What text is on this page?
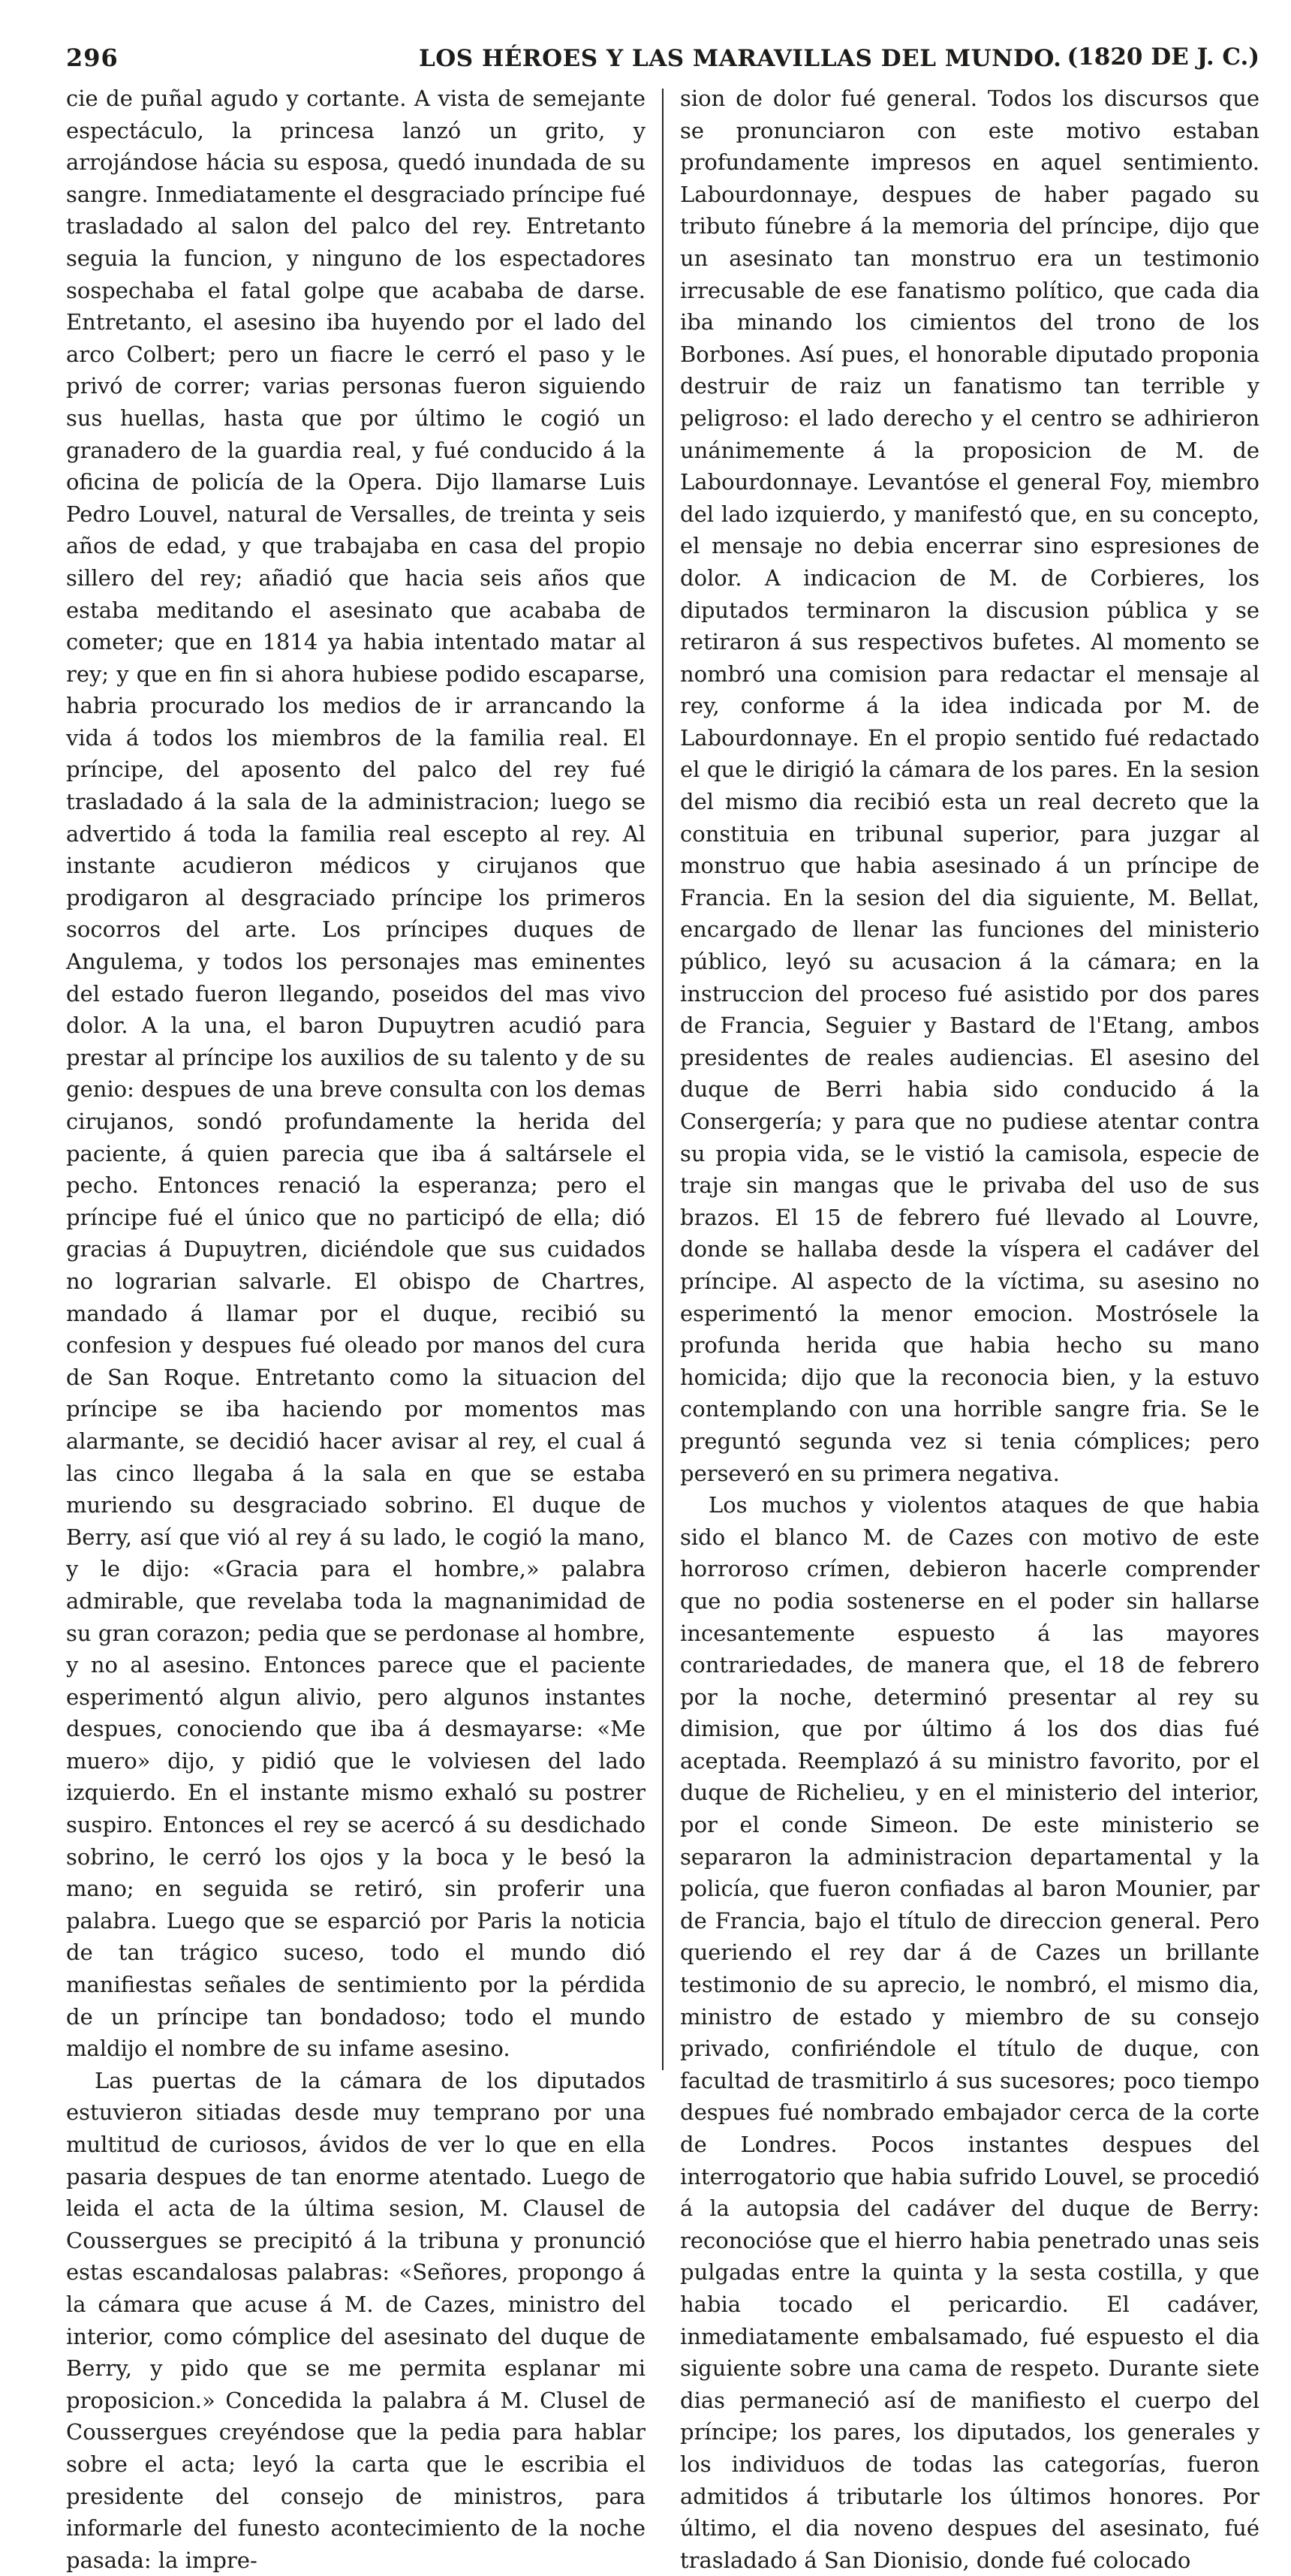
296	LOS HÉROES Y LAS MARAVILLAS DEL MUNDO. (1820 DE J. C.)

cie de puñal agudo y cortante. A vista de semejante espectáculo, la princesa lanzó un grito, y arrojándose hácia su esposa, quedó inundada de su sangre. Inmediatamente el desgraciado príncipe fué trasladado al salon del palco del rey. Entretanto seguia la funcion, y ninguno de los espectadores sospechaba el fatal golpe que acababa de darse. Entretanto, el asesino iba huyendo por el lado del arco Colbert; pero un fiacre le cerró el paso y le privó de correr; varias personas fueron siguiendo sus huellas, hasta que por último le cogió un granadero de la guardia real, y fué conducido á la oficina de policía de la Opera. Dijo llamarse Luis Pedro Louvel, natural de Versalles, de treinta y seis años de edad, y que trabajaba en casa del propio sillero del rey; añadió que hacia seis años que estaba meditando el asesinato que acababa de cometer; que en 1814 ya habia intentado matar al rey; y que en fin si ahora hubiese podido escaparse, habria procurado los medios de ir arrancando la vida á todos los miembros de la familia real. El príncipe, del aposento del palco del rey fué trasladado á la sala de la administracion; luego se advertido á toda la familia real escepto al rey. Al instante acudieron médicos y cirujanos que prodigaron al desgraciado príncipe los primeros socorros del arte. Los príncipes duques de Angulema, y todos los personajes mas eminentes del estado fueron llegando, poseidos del mas vivo dolor. A la una, el baron Dupuytren acudió para prestar al príncipe los auxilios de su talento y de su genio: despues de una breve consulta con los demas cirujanos, sondó profundamente la herida del paciente, á quien parecia que iba á saltársele el pecho. Entonces renació la esperanza; pero el príncipe fué el único que no participó de ella; dió gracias á Dupuytren, diciéndole que sus cuidados no lograrian salvarle. El obispo de Chartres, mandado á llamar por el duque, recibió su confesion y despues fué oleado por manos del cura de San Roque. Entretanto como la situacion del príncipe se iba haciendo por momentos mas alarmante, se decidió hacer avisar al rey, el cual á las cinco llegaba á la sala en que se estaba muriendo su desgraciado sobrino. El duque de Berry, así que vió al rey á su lado, le cogió la mano, y le dijo: «Gracia para el hombre,» palabra admirable, que revelaba toda la magnanimidad de su gran corazon; pedia que se perdonase al hombre, y no al asesino. Entonces parece que el paciente esperimentó algun alivio, pero algunos instantes despues, conociendo que iba á desmayarse: «Me muero» dijo, y pidió que le volviesen del lado izquierdo. En el instante mismo exhaló su postrer suspiro. Entonces el rey se acercó á su desdichado sobrino, le cerró los ojos y la boca y le besó la mano; en seguida se retiró, sin proferir una palabra. Luego que se esparció por Paris la noticia de tan trágico suceso, todo el mundo dió manifiestas señales de sentimiento por la pérdida de un príncipe tan bondadoso; todo el mundo maldijo el nombre de su infame asesino.

Las puertas de la cámara de los diputados estuvieron sitiadas desde muy temprano por una multitud de curiosos, ávidos de ver lo que en ella pasaria despues de tan enorme atentado. Luego de leida el acta de la última sesion, M. Clausel de Coussergues se precipitó á la tribuna y pronunció estas escandalosas palabras: «Señores, propongo á la cámara que acuse á M. de Cazes, ministro del interior, como cómplice del asesinato del duque de Berry, y pido que se me permita esplanar mi proposicion.» Concedida la palabra á M. Clusel de Coussergues creyéndose que la pedia para hablar sobre el acta; leyó la carta que le escribia el presidente del consejo de ministros, para informarle del funesto acontecimiento de la noche pasada: la impre-

sion de dolor fué general. Todos los discursos que se pronunciaron con este motivo estaban profundamente impresos en aquel sentimiento. Labourdonnaye, despues de haber pagado su tributo fúnebre á la memoria del príncipe, dijo que un asesinato tan monstruo era un testimonio irrecusable de ese fanatismo político, que cada dia iba minando los cimientos del trono de los Borbones. Así pues, el honorable diputado proponia destruir de raiz un fanatismo tan terrible y peligroso: el lado derecho y el centro se adhirieron unánimemente á la proposicion de M. de Labourdonnaye. Levantóse el general Foy, miembro del lado izquierdo, y manifestó que, en su concepto, el mensaje no debia encerrar sino espresiones de dolor. A indicacion de M. de Corbieres, los diputados terminaron la discusion pública y se retiraron á sus respectivos bufetes. Al momento se nombró una comision para redactar el mensaje al rey, conforme á la idea indicada por M. de Labourdonnaye. En el propio sentido fué redactado el que le dirigió la cámara de los pares. En la sesion del mismo dia recibió esta un real decreto que la constituia en tribunal superior, para juzgar al monstruo que habia asesinado á un príncipe de Francia. En la sesion del dia siguiente, M. Bellat, encargado de llenar las funciones del ministerio público, leyó su acusacion á la cámara; en la instruccion del proceso fué asistido por dos pares de Francia, Seguier y Bastard de l'Etang, ambos presidentes de reales audiencias. El asesino del duque de Berri habia sido conducido á la Consergería; y para que no pudiese atentar contra su propia vida, se le vistió la camisola, especie de traje sin mangas que le privaba del uso de sus brazos. El 15 de febrero fué llevado al Louvre, donde se hallaba desde la víspera el cadáver del príncipe. Al aspecto de la víctima, su asesino no esperimentó la menor emocion. Mostrósele la profunda herida que habia hecho su mano homicida; dijo que la reconocia bien, y la estuvo contemplando con una horrible sangre fria. Se le preguntó segunda vez si tenia cómplices; pero perseveró en su primera negativa.

Los muchos y violentos ataques de que habia sido el blanco M. de Cazes con motivo de este horroroso crímen, debieron hacerle comprender que no podia sostenerse en el poder sin hallarse incesantemente espuesto á las mayores contrariedades, de manera que, el 18 de febrero por la noche, determinó presentar al rey su dimision, que por último á los dos dias fué aceptada. Reemplazó á su ministro favorito, por el duque de Richelieu, y en el ministerio del interior, por el conde Simeon. De este ministerio se separaron la administracion departamental y la policía, que fueron confiadas al baron Mounier, par de Francia, bajo el título de direccion general. Pero queriendo el rey dar á de Cazes un brillante testimonio de su aprecio, le nombró, el mismo dia, ministro de estado y miembro de su consejo privado, confiriéndole el título de duque, con facultad de trasmitirlo á sus sucesores; poco tiempo despues fué nombrado embajador cerca de la corte de Londres. Pocos instantes despues del interrogatorio que habia sufrido Louvel, se procedió á la autopsia del cadáver del duque de Berry: reconocióse que el hierro habia penetrado unas seis pulgadas entre la quinta y la sesta costilla, y que habia tocado el pericardio. El cadáver, inmediatamente embalsamado, fué espuesto el dia siguiente sobre una cama de respeto. Durante siete dias permaneció así de manifiesto el cuerpo del príncipe; los pares, los diputados, los generales y los individuos de todas las categorías, fueron admitidos á tributarle los últimos honores. Por último, el dia noveno despues del asesinato, fué trasladado á San Dionisio, donde fué colocado
